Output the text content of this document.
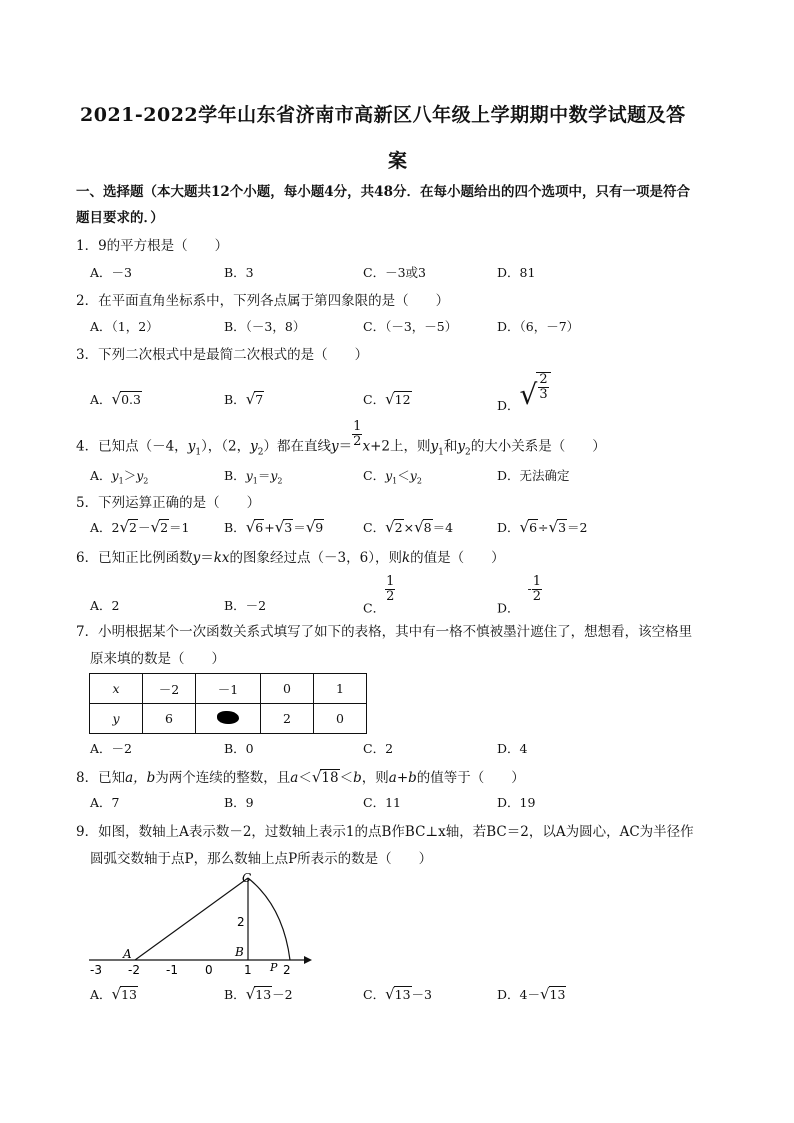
2021-2022学年山东省济南市高新区八年级上学期期中数学试题及答
案
一、选择题（本大题共12个小题，每小题4分，共48分．在每小题给出的四个选项中，只有一项是符合
题目要求的．）
1．9的平方根是（　　）
A．－3	B．3	C．－3或3	D．81
2．在平面直角坐标系中，下列各点属于第四象限的是（　　）
A．（1，2）	B．（－3，8）	C．（－3，－5）	D．（6，－7）
3．下列二次根式中是最简二次根式的是（　　）
A．√0.3	B．√7	C．√12	D．√ $\frac{2}{3}$
4．已知点（－4，$y_1$），（2，$y_2$）都在直线$y= \frac{1}{2} x+2$上，则$y_1$和$y_2$的大小关系是（　　）
A．$y_1>y_2$	B．$y_1=y_2$	C．$y_1<y_2$	D．无法确定
5．下列运算正确的是（　　）
A．2√2－√2＝1	B．√6+√3＝√9	C．√2×√8＝4	D．√6÷√3＝2
6．已知正比例函数y＝kx的图象经过点（－3，6），则k的值是（　　）
A．2	B．－2	C．
$\frac{1}{2}$
D．- $\frac{1}{2}$
7．小明根据某个一次函数关系式填写了如下的表格，其中有一格不慎被墨汁遮住了，想想看，该空格里
原来填的数是（　　）
x	－2	－1	0	1
y	6		2	0
A．－2	B．0	C．2	D．4
8．已知a，b为两个连续的整数，且a＜√18＜b，则a+b的值等于（　　）
A．7	B．9	C．11	D．19
9．如图，数轴上A表示数－2，过数轴上表示1的点B作BC⊥x轴，若BC＝2，以A为圆心，AC为半径作
圆弧交数轴于点P，那么数轴上点P所表示的数是（　　）
-3 -2 -1 0	1	2
A	B
C
P
2
A．√13	B．√13－2	C．√13－3	D．4－√13
